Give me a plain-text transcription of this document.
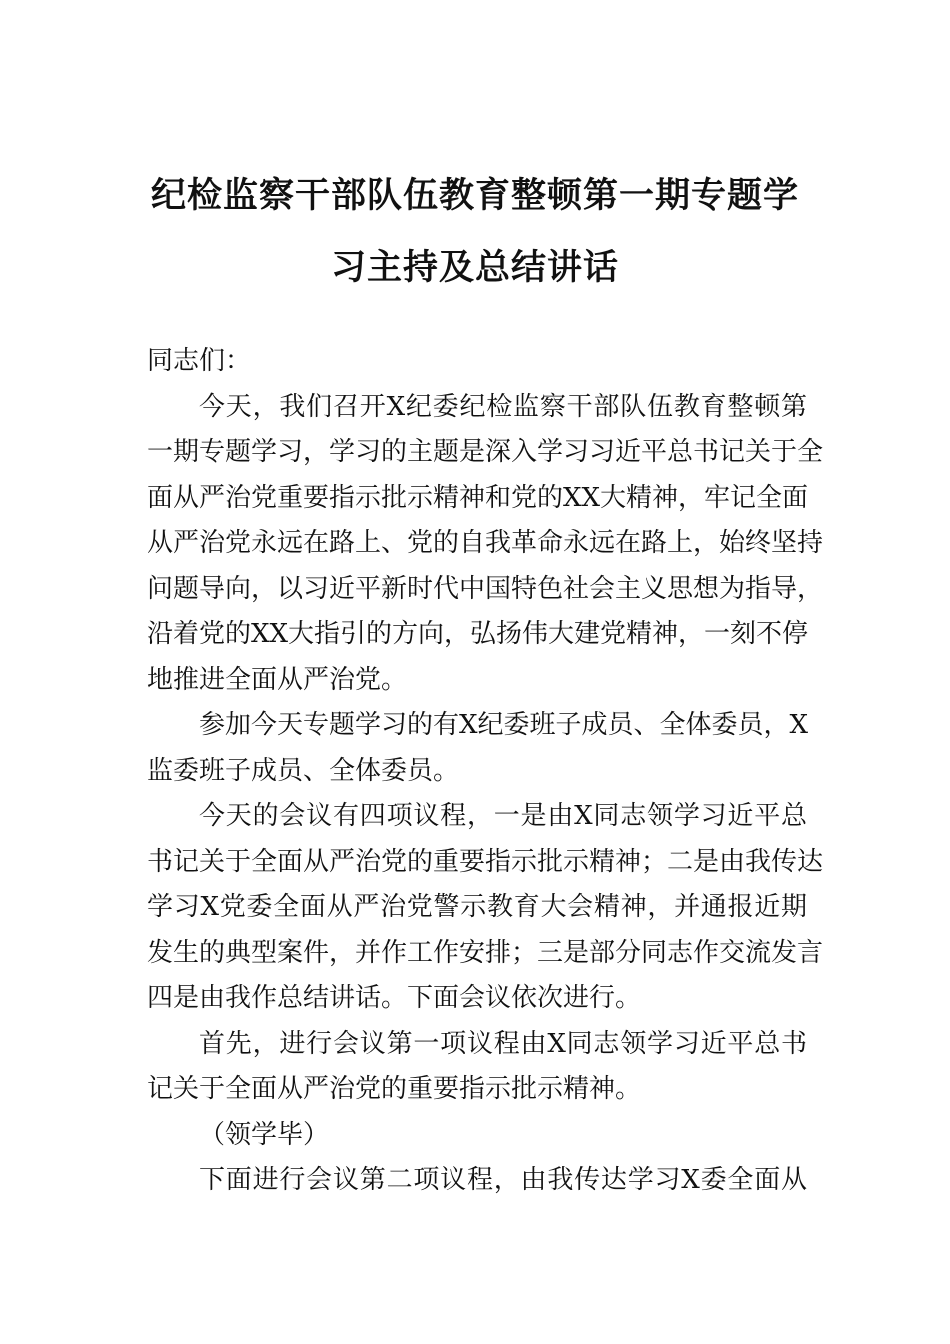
纪检监察干部队伍教育整顿第一期专题学
习主持及总结讲话

同志们：

今天，我们召开X纪委纪检监察干部队伍教育整顿第

一期专题学习，学习的主题是深入学习习近平总书记关于全

面从严治党重要指示批示精神和党的XX大精神，牢记全面

从严治党永远在路上、党的自我革命永远在路上，始终坚持

问题导向，以习近平新时代中国特色社会主义思想为指导，

沿着党的XX大指引的方向，弘扬伟大建党精神，一刻不停

地推进全面从严治党。

参加今天专题学习的有X纪委班子成员、全体委员，X

监委班子成员、全体委员。

今天的会议有四项议程，一是由X同志领学习近平总

书记关于全面从严治党的重要指示批示精神；二是由我传达

学习X党委全面从严治党警示教育大会精神，并通报近期

发生的典型案件，并作工作安排；三是部分同志作交流发言

四是由我作总结讲话。下面会议依次进行。

首先，进行会议第一项议程由X同志领学习近平总书

记关于全面从严治党的重要指示批示精神。

（领学毕）

下面进行会议第二项议程，由我传达学习X委全面从
